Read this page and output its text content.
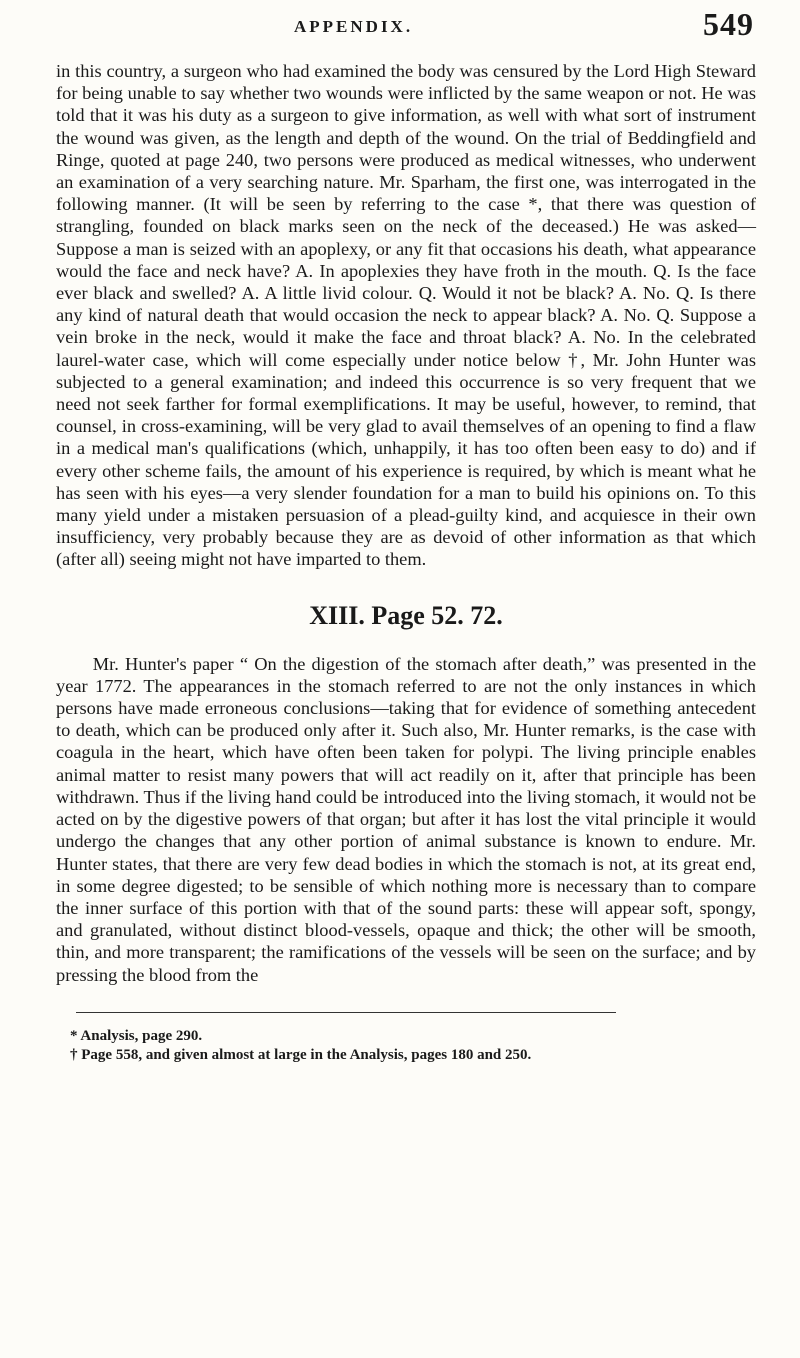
APPENDIX.	549

in this country, a surgeon who had examined the body was censured by the Lord High Steward for being unable to say whether two wounds were inflicted by the same weapon or not. He was told that it was his duty as a surgeon to give information, as well with what sort of instrument the wound was given, as the length and depth of the wound. On the trial of Beddingfield and Ringe, quoted at page 240, two persons were produced as medical witnesses, who underwent an examination of a very searching nature. Mr. Sparham, the first one, was interrogated in the following manner. (It will be seen by referring to the case *, that there was question of strangling, founded on black marks seen on the neck of the deceased.) He was asked—Suppose a man is seized with an apoplexy, or any fit that occasions his death, what appearance would the face and neck have? A. In apoplexies they have froth in the mouth. Q. Is the face ever black and swelled? A. A little livid colour. Q. Would it not be black? A. No. Q. Is there any kind of natural death that would occasion the neck to appear black? A. No. Q. Suppose a vein broke in the neck, would it make the face and throat black? A. No. In the celebrated laurel-water case, which will come especially under notice below †, Mr. John Hunter was subjected to a general examination; and indeed this occurrence is so very frequent that we need not seek farther for formal exemplifications. It may be useful, however, to remind, that counsel, in cross-examining, will be very glad to avail themselves of an opening to find a flaw in a medical man's qualifications (which, unhappily, it has too often been easy to do) and if every other scheme fails, the amount of his experience is required, by which is meant what he has seen with his eyes—a very slender foundation for a man to build his opinions on. To this many yield under a mistaken persuasion of a plead-guilty kind, and acquiesce in their own insufficiency, very probably because they are as devoid of other information as that which (after all) seeing might not have imparted to them.

XIII. Page 52. 72.

Mr. Hunter's paper “ On the digestion of the stomach after death,” was presented in the year 1772. The appearances in the stomach referred to are not the only instances in which persons have made erroneous conclusions—taking that for evidence of something antecedent to death, which can be produced only after it. Such also, Mr. Hunter remarks, is the case with coagula in the heart, which have often been taken for polypi. The living principle enables animal matter to resist many powers that will act readily on it, after that principle has been withdrawn. Thus if the living hand could be introduced into the living stomach, it would not be acted on by the digestive powers of that organ; but after it has lost the vital principle it would undergo the changes that any other portion of animal substance is known to endure. Mr. Hunter states, that there are very few dead bodies in which the stomach is not, at its great end, in some degree digested; to be sensible of which nothing more is necessary than to compare the inner surface of this portion with that of the sound parts: these will appear soft, spongy, and granulated, without distinct blood-vessels, opaque and thick; the other will be smooth, thin, and more transparent; the ramifications of the vessels will be seen on the surface; and by pressing the blood from the

* Analysis, page 290.
† Page 558, and given almost at large in the Analysis, pages 180 and 250.
